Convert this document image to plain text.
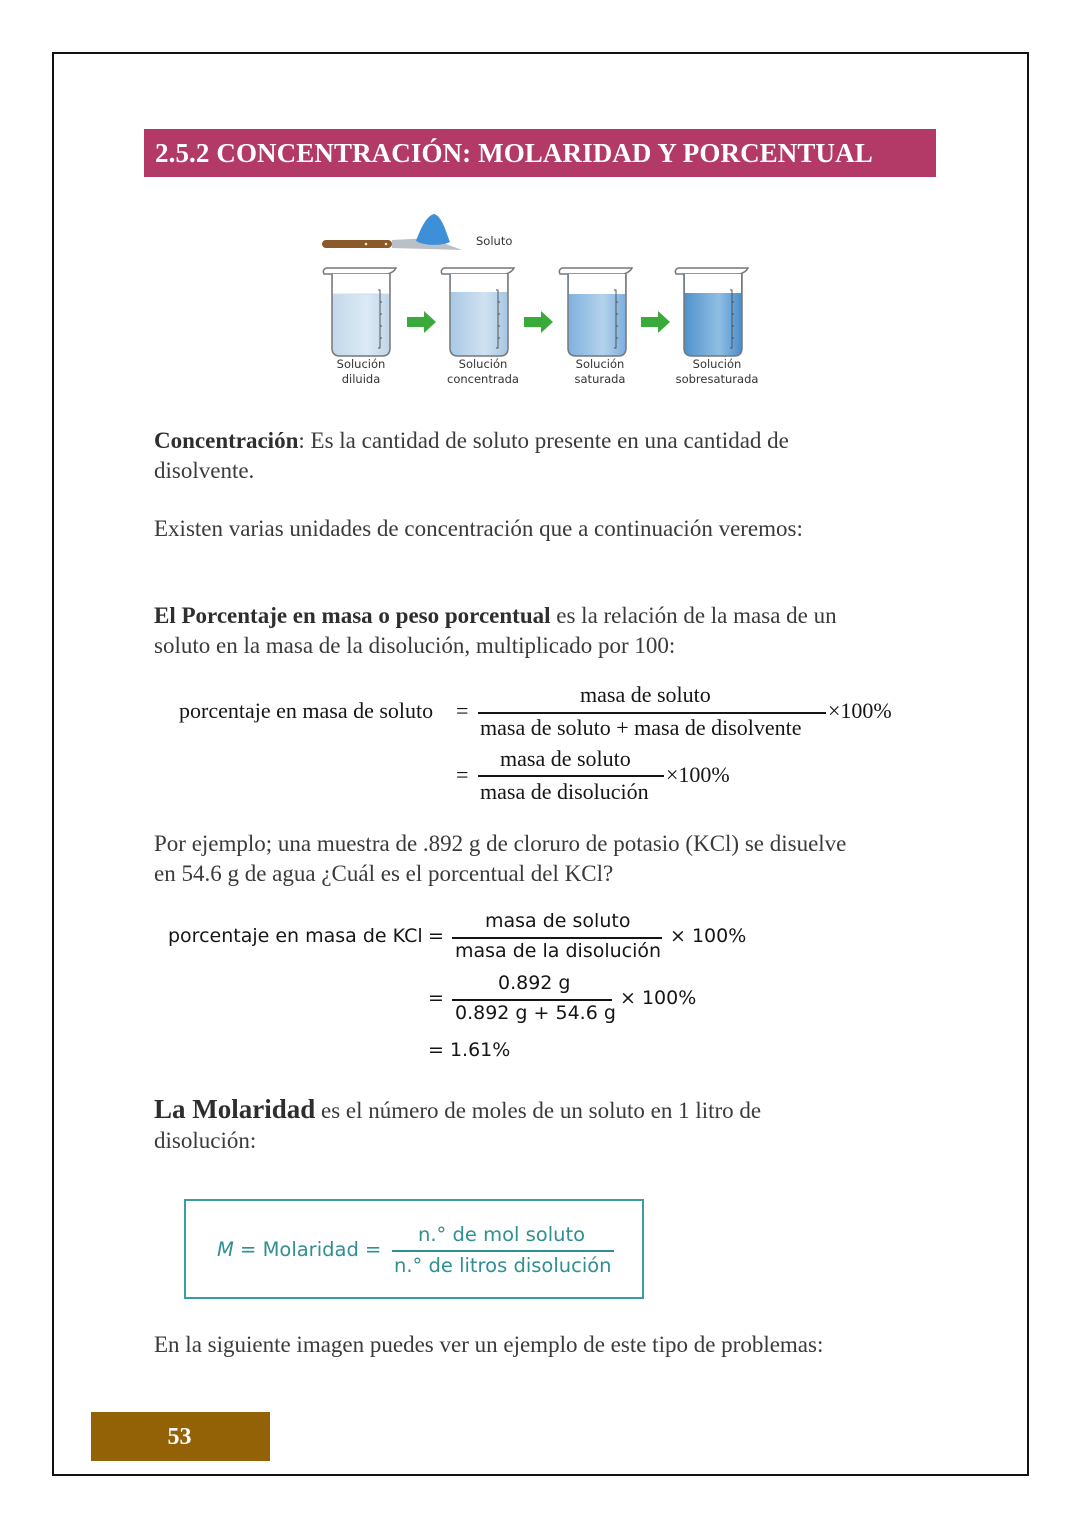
2.5.2 CONCENTRACIÓN: MOLARIDAD Y PORCENTUAL
Soluto
Solución
diluida
Solución
concentrada
Solución
saturada
Solución
sobresaturada
Concentración: Es la cantidad de soluto presente en una cantidad de
disolvente.
Existen varias unidades de concentración que a continuación veremos:
El Porcentaje en masa o peso porcentual es la relación de la masa de un
soluto en la masa de la disolución, multiplicado por 100:
porcentaje en masa de soluto =
masa de soluto
masa de soluto + masa de disolvente
×100%
=
masa de soluto
masa de disolución
×100%
Por ejemplo; una muestra de .892 g de cloruro de potasio (KCl) se disuelve
en 54.6 g de agua ¿Cuál es el porcentual del KCl?
porcentaje en masa de KCl =
masa de soluto
masa de la disolución
× 100%
=
0.892 g
0.892 g + 54.6 g
× 100%
= 1.61%
La Molaridad es el número de moles de un soluto en 1 litro de
disolución:
M = Molaridad =
n.° de mol soluto
n.° de litros disolución
En la siguiente imagen puedes ver un ejemplo de este tipo de problemas:
53
